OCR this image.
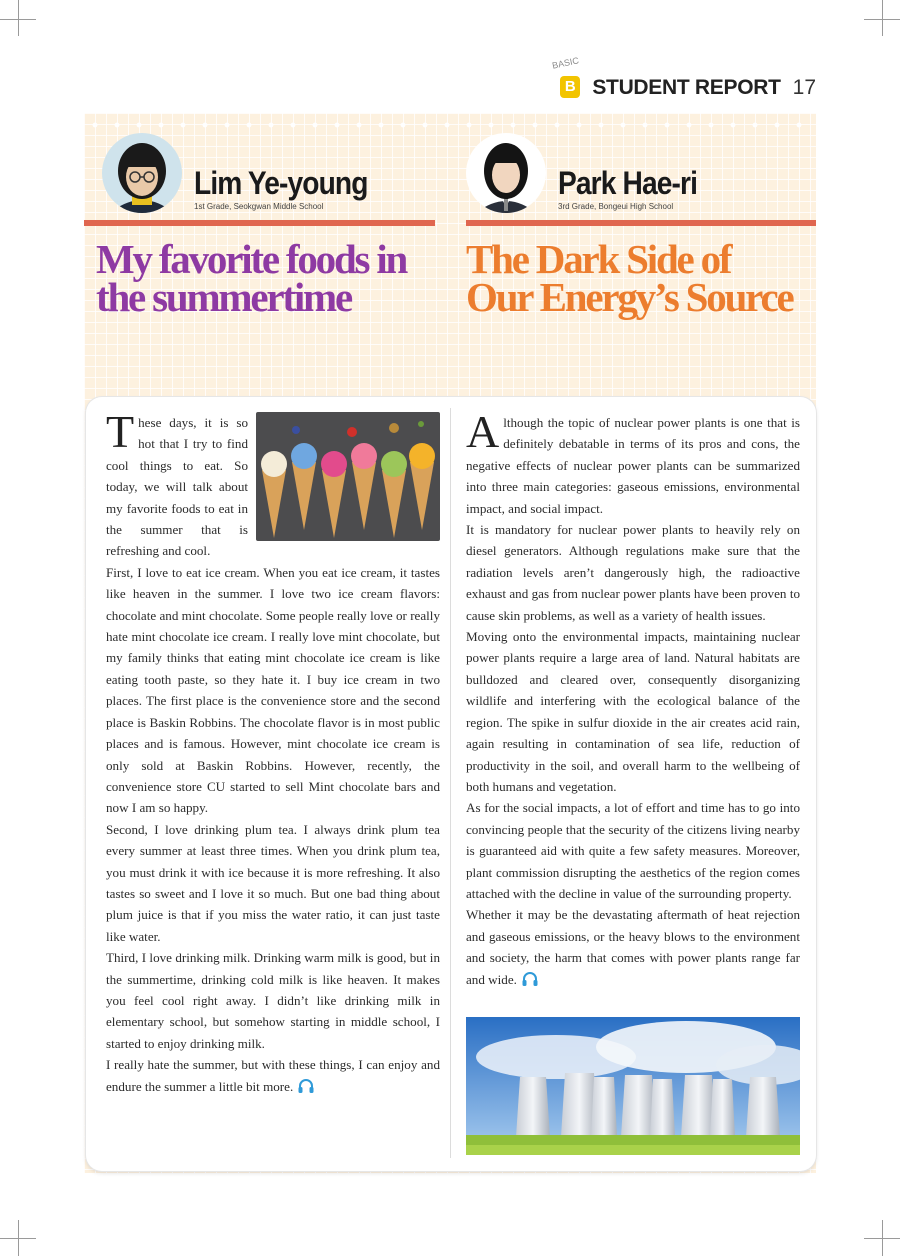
BASIC
B STUDENT REPORT 17
Lim Ye-young
1st Grade, Seokgwan Middle School
Park Hae-ri
3rd Grade, Bongeui High School
My favorite foods in
the summertime
The Dark Side of
Our Energy’s Source

These days, it is so hot that I try to find cool things to eat. So today, we will talk about my favorite foods to eat in the summer that is refreshing and cool.

First, I love to eat ice cream. When you eat ice cream, it tastes like heaven in the summer. I love two ice cream flavors: chocolate and mint chocolate. Some people really love or really hate mint chocolate ice cream. I really love mint chocolate, but my family thinks that eating mint chocolate ice cream is like eating tooth paste, so they hate it. I buy ice cream in two places. The first place is the convenience store and the second place is Baskin Robbins. The chocolate flavor is in most public places and is famous. However, mint chocolate ice cream is only sold at Baskin Robbins. However, recently, the convenience store CU started to sell Mint chocolate bars and now I am so happy.

Second, I love drinking plum tea. I always drink plum tea every summer at least three times. When you drink plum tea, you must drink it with ice because it is more refreshing. It also tastes so sweet and I love it so much. But one bad thing about plum juice is that if you miss the water ratio, it can just taste like water.

Third, I love drinking milk. Drinking warm milk is good, but in the summertime, drinking cold milk is like heaven. It makes you feel cool right away. I didn’t like drinking milk in elementary school, but somehow starting in middle school, I started to enjoy drinking milk.

I really hate the summer, but with these things, I can enjoy and endure the summer a little bit more.

Although the topic of nuclear power plants is one that is definitely debatable in terms of its pros and cons, the negative effects of nuclear power plants can be summarized into three main categories: gaseous emissions, environmental impact, and social impact.

It is mandatory for nuclear power plants to heavily rely on diesel generators. Although regulations make sure that the radiation levels aren’t dangerously high, the radioactive exhaust and gas from nuclear power plants have been proven to cause skin problems, as well as a variety of health issues.

Moving onto the environmental impacts, maintaining nuclear power plants require a large area of land. Natural habitats are bulldozed and cleared over, consequently disorganizing wildlife and interfering with the ecological balance of the region. The spike in sulfur dioxide in the air creates acid rain, again resulting in contamination of sea life, reduction of productivity in the soil, and overall harm to the wellbeing of both humans and vegetation.

As for the social impacts, a lot of effort and time has to go into convincing people that the security of the citizens living nearby is guaranteed aid with quite a few safety measures. Moreover, plant commission disrupting the aesthetics of the region comes attached with the decline in value of the surrounding property.

Whether it may be the devastating aftermath of heat rejection and gaseous emissions, or the heavy blows to the environment and society, the harm that comes with power plants range far and wide.
